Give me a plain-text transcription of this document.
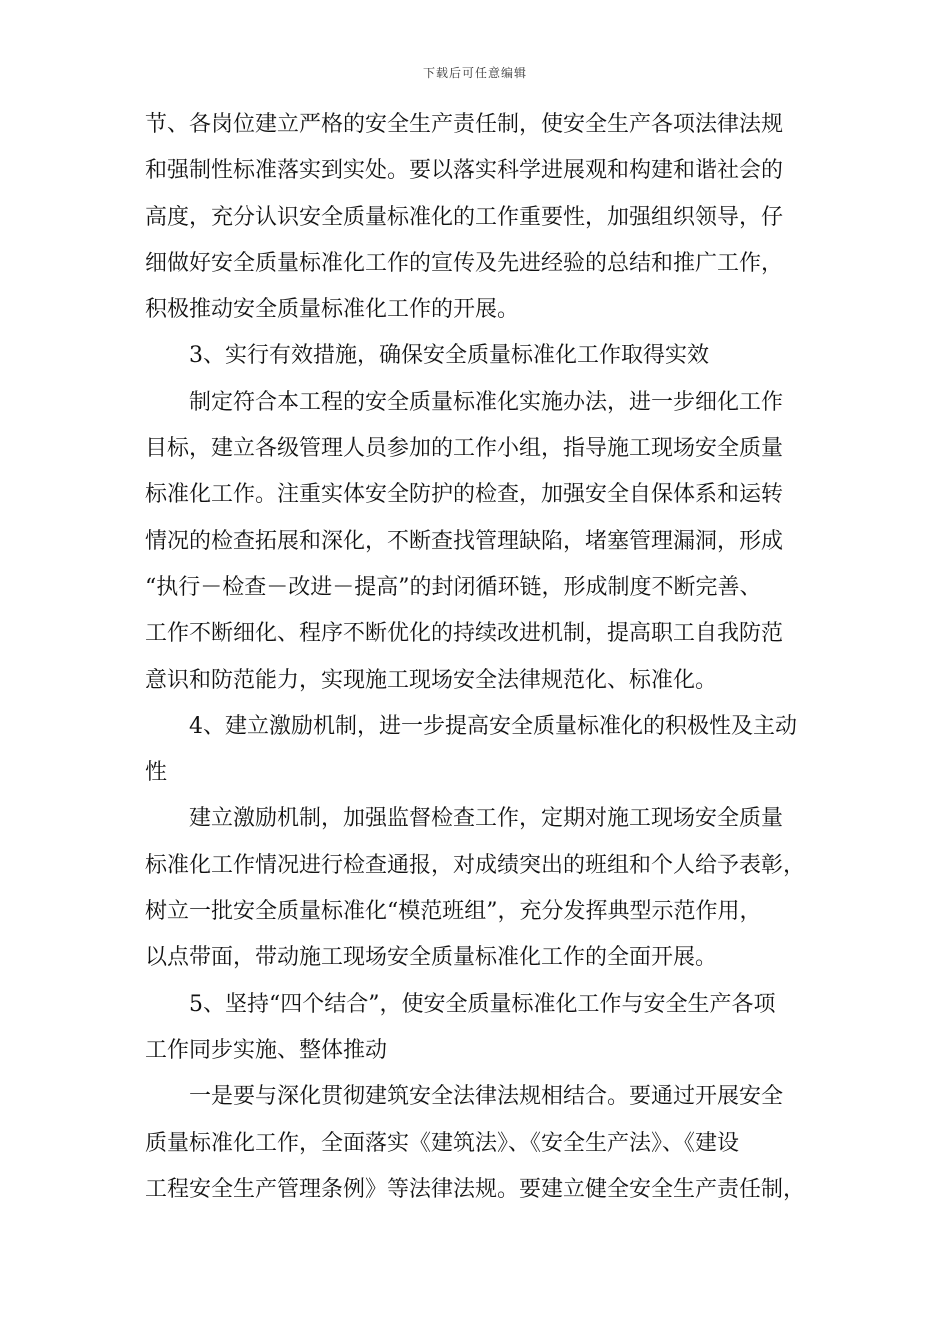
下载后可任意编辑
节、各岗位建立严格的安全生产责任制，使安全生产各项法律法规
和强制性标准落实到实处。要以落实科学进展观和构建和谐社会的
高度，充分认识安全质量标准化的工作重要性，加强组织领导，仔
细做好安全质量标准化工作的宣传及先进经验的总结和推广工作，
积极推动安全质量标准化工作的开展。
3、实行有效措施，确保安全质量标准化工作取得实效
制定符合本工程的安全质量标准化实施办法，进一步细化工作
目标，建立各级管理人员参加的工作小组，指导施工现场安全质量
标准化工作。注重实体安全防护的检查，加强安全自保体系和运转
情况的检查拓展和深化，不断查找管理缺陷，堵塞管理漏洞，形成
“执行－检查－改进－提高”的封闭循环链，形成制度不断完善、
工作不断细化、程序不断优化的持续改进机制，提高职工自我防范
意识和防范能力，实现施工现场安全法律规范化、标准化。
4、建立激励机制，进一步提高安全质量标准化的积极性及主动
性
建立激励机制，加强监督检查工作，定期对施工现场安全质量
标准化工作情况进行检查通报，对成绩突出的班组和个人给予表彰，
树立一批安全质量标准化“模范班组”，充分发挥典型示范作用，
以点带面，带动施工现场安全质量标准化工作的全面开展。
5、坚持“四个结合”，使安全质量标准化工作与安全生产各项
工作同步实施、整体推动
一是要与深化贯彻建筑安全法律法规相结合。要通过开展安全
质量标准化工作，全面落实《建筑法》、《安全生产法》、《建设
工程安全生产管理条例》等法律法规。要建立健全安全生产责任制，
